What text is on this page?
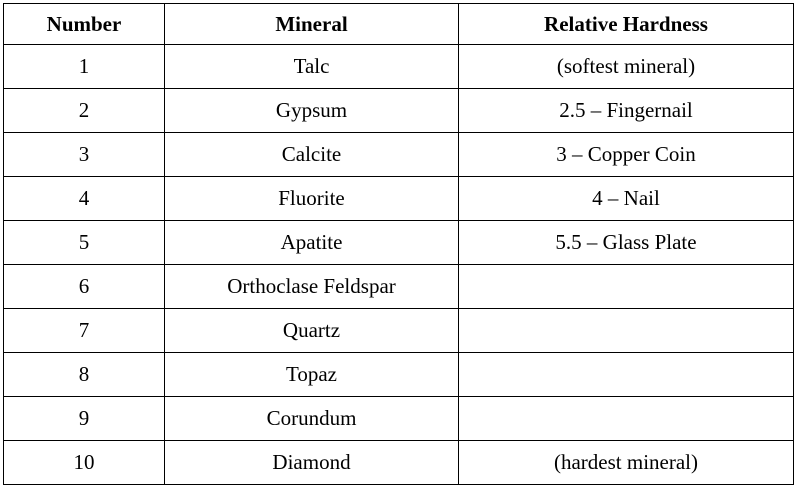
Number	Mineral	Relative Hardness
1	Talc	(softest mineral)
2	Gypsum	2.5 – Fingernail
3	Calcite	3 – Copper Coin
4	Fluorite	4 – Nail
5	Apatite	5.5 – Glass Plate
6	Orthoclase Feldspar	
7	Quartz	
8	Topaz	
9	Corundum	
10	Diamond	(hardest mineral)
